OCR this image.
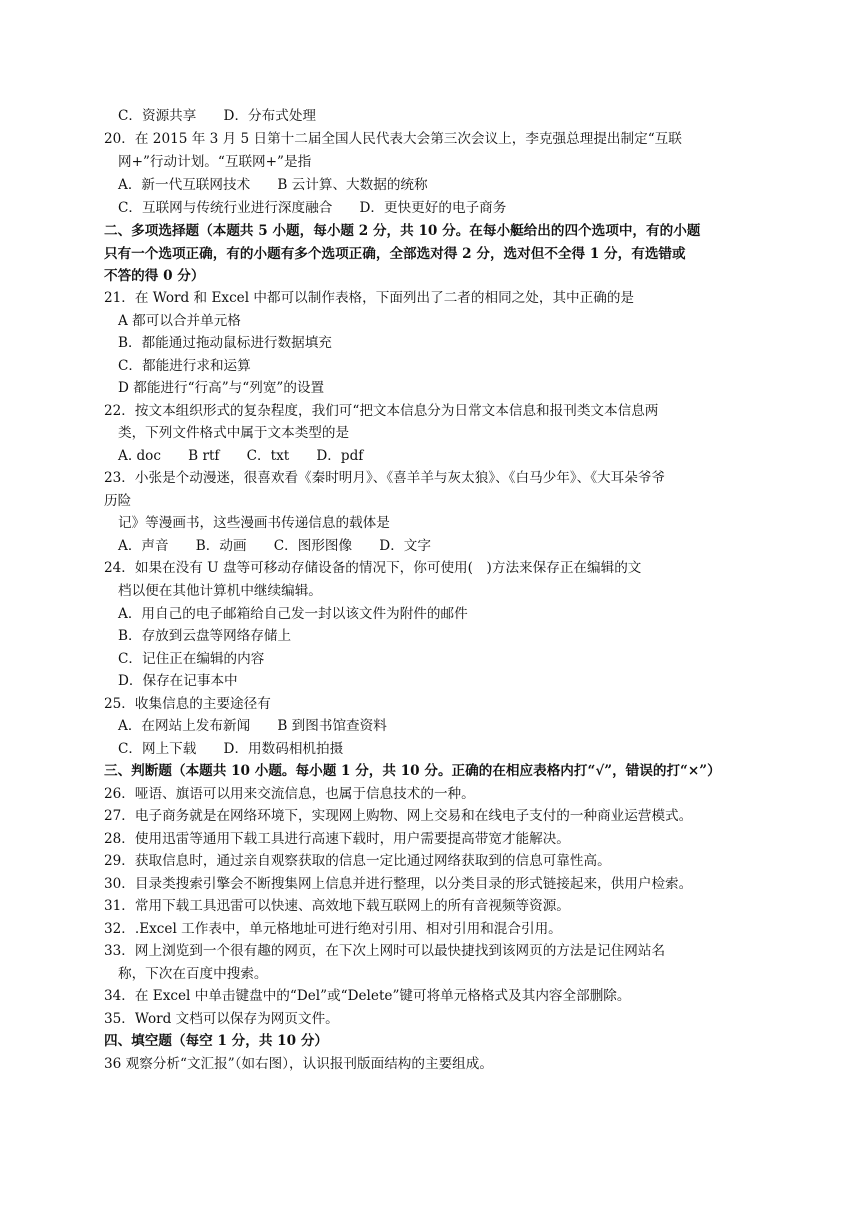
C．资源共享　　D．分布式处理
20．在 2015 年 3 月 5 日第十二届全国人民代表大会第三次会议上，李克强总理提出制定“互联
网+”行动计划。“互联网+”是指
A．新一代互联网技术　　B 云计算、大数据的统称
C．互联网与传统行业进行深度融合　　D．更快更好的电子商务
二、多项选择题（本题共 5 小题，每小题 2 分，共 10 分。在每小艇给出的四个选项中，有的小题
只有一个选项正确，有的小题有多个选项正确，全部选对得 2 分，选对但不全得 1 分，有选错或
不答的得 0 分）
21．在 Word 和 Excel 中都可以制作表格，下面列出了二者的相同之处，其中正确的是
A 都可以合并单元格
B．都能通过拖动鼠标进行数据填充
C．都能进行求和运算
D 都能进行“行高”与“列宽”的设置
22．按文本组织形式的复杂程度，我们可“把文本信息分为日常文本信息和报刊类文本信息两
类，下列文件格式中属于文本类型的是
A. doc　　B rtf　　C．txt　　D．pdf
23．小张是个动漫迷，很喜欢看《秦时明月》、《喜羊羊与灰太狼》、《白马少年》、《大耳朵爷爷
历险
记》等漫画书，这些漫画书传递信息的载体是
A．声音　　B．动画　　C．图形图像　　D．文字
24．如果在没有 U 盘等可移动存储设备的情况下，你可使用(　)方法来保存正在编辑的文
档以便在其他计算机中继续编辑。
A．用自己的电子邮箱给自己发一封以该文件为附件的邮件
B．存放到云盘等网络存储上
C．记住正在编辑的内容
D．保存在记事本中
25．收集信息的主要途径有
A．在网站上发布新闻　　B 到图书馆查资料
C．网上下载　　D．用数码相机拍摄
三、判断题（本题共 10 小题。每小题 1 分，共 10 分。正确的在相应表格内打“√”，错误的打“×”）
26．哑语、旗语可以用来交流信息，也属于信息技术的一种。
27．电子商务就是在网络环境下，实现网上购物、网上交易和在线电子支付的一种商业运营模式。
28．使用迅雷等通用下载工具进行高速下载时，用户需要提高带宽才能解决。
29．获取信息时，通过亲自观察获取的信息一定比通过网络获取到的信息可靠性高。
30．目录类搜索引擎会不断搜集网上信息并进行整理，以分类目录的形式链接起来，供用户检索。
31．常用下载工具迅雷可以快速、高效地下载互联网上的所有音视频等资源。
32．.Excel 工作表中，单元格地址可进行绝对引用、相对引用和混合引用。
33．网上浏览到一个很有趣的网页，在下次上网时可以最快捷找到该网页的方法是记住网站名
称，下次在百度中搜索。
34．在 Excel 中单击键盘中的“Del”或“Delete”键可将单元格格式及其内容全部删除。
35．Word 文档可以保存为网页文件。
四、填空题（每空 1 分，共 10 分）
36 观察分析“文汇报”（如右图），认识报刊版面结构的主要组成。
